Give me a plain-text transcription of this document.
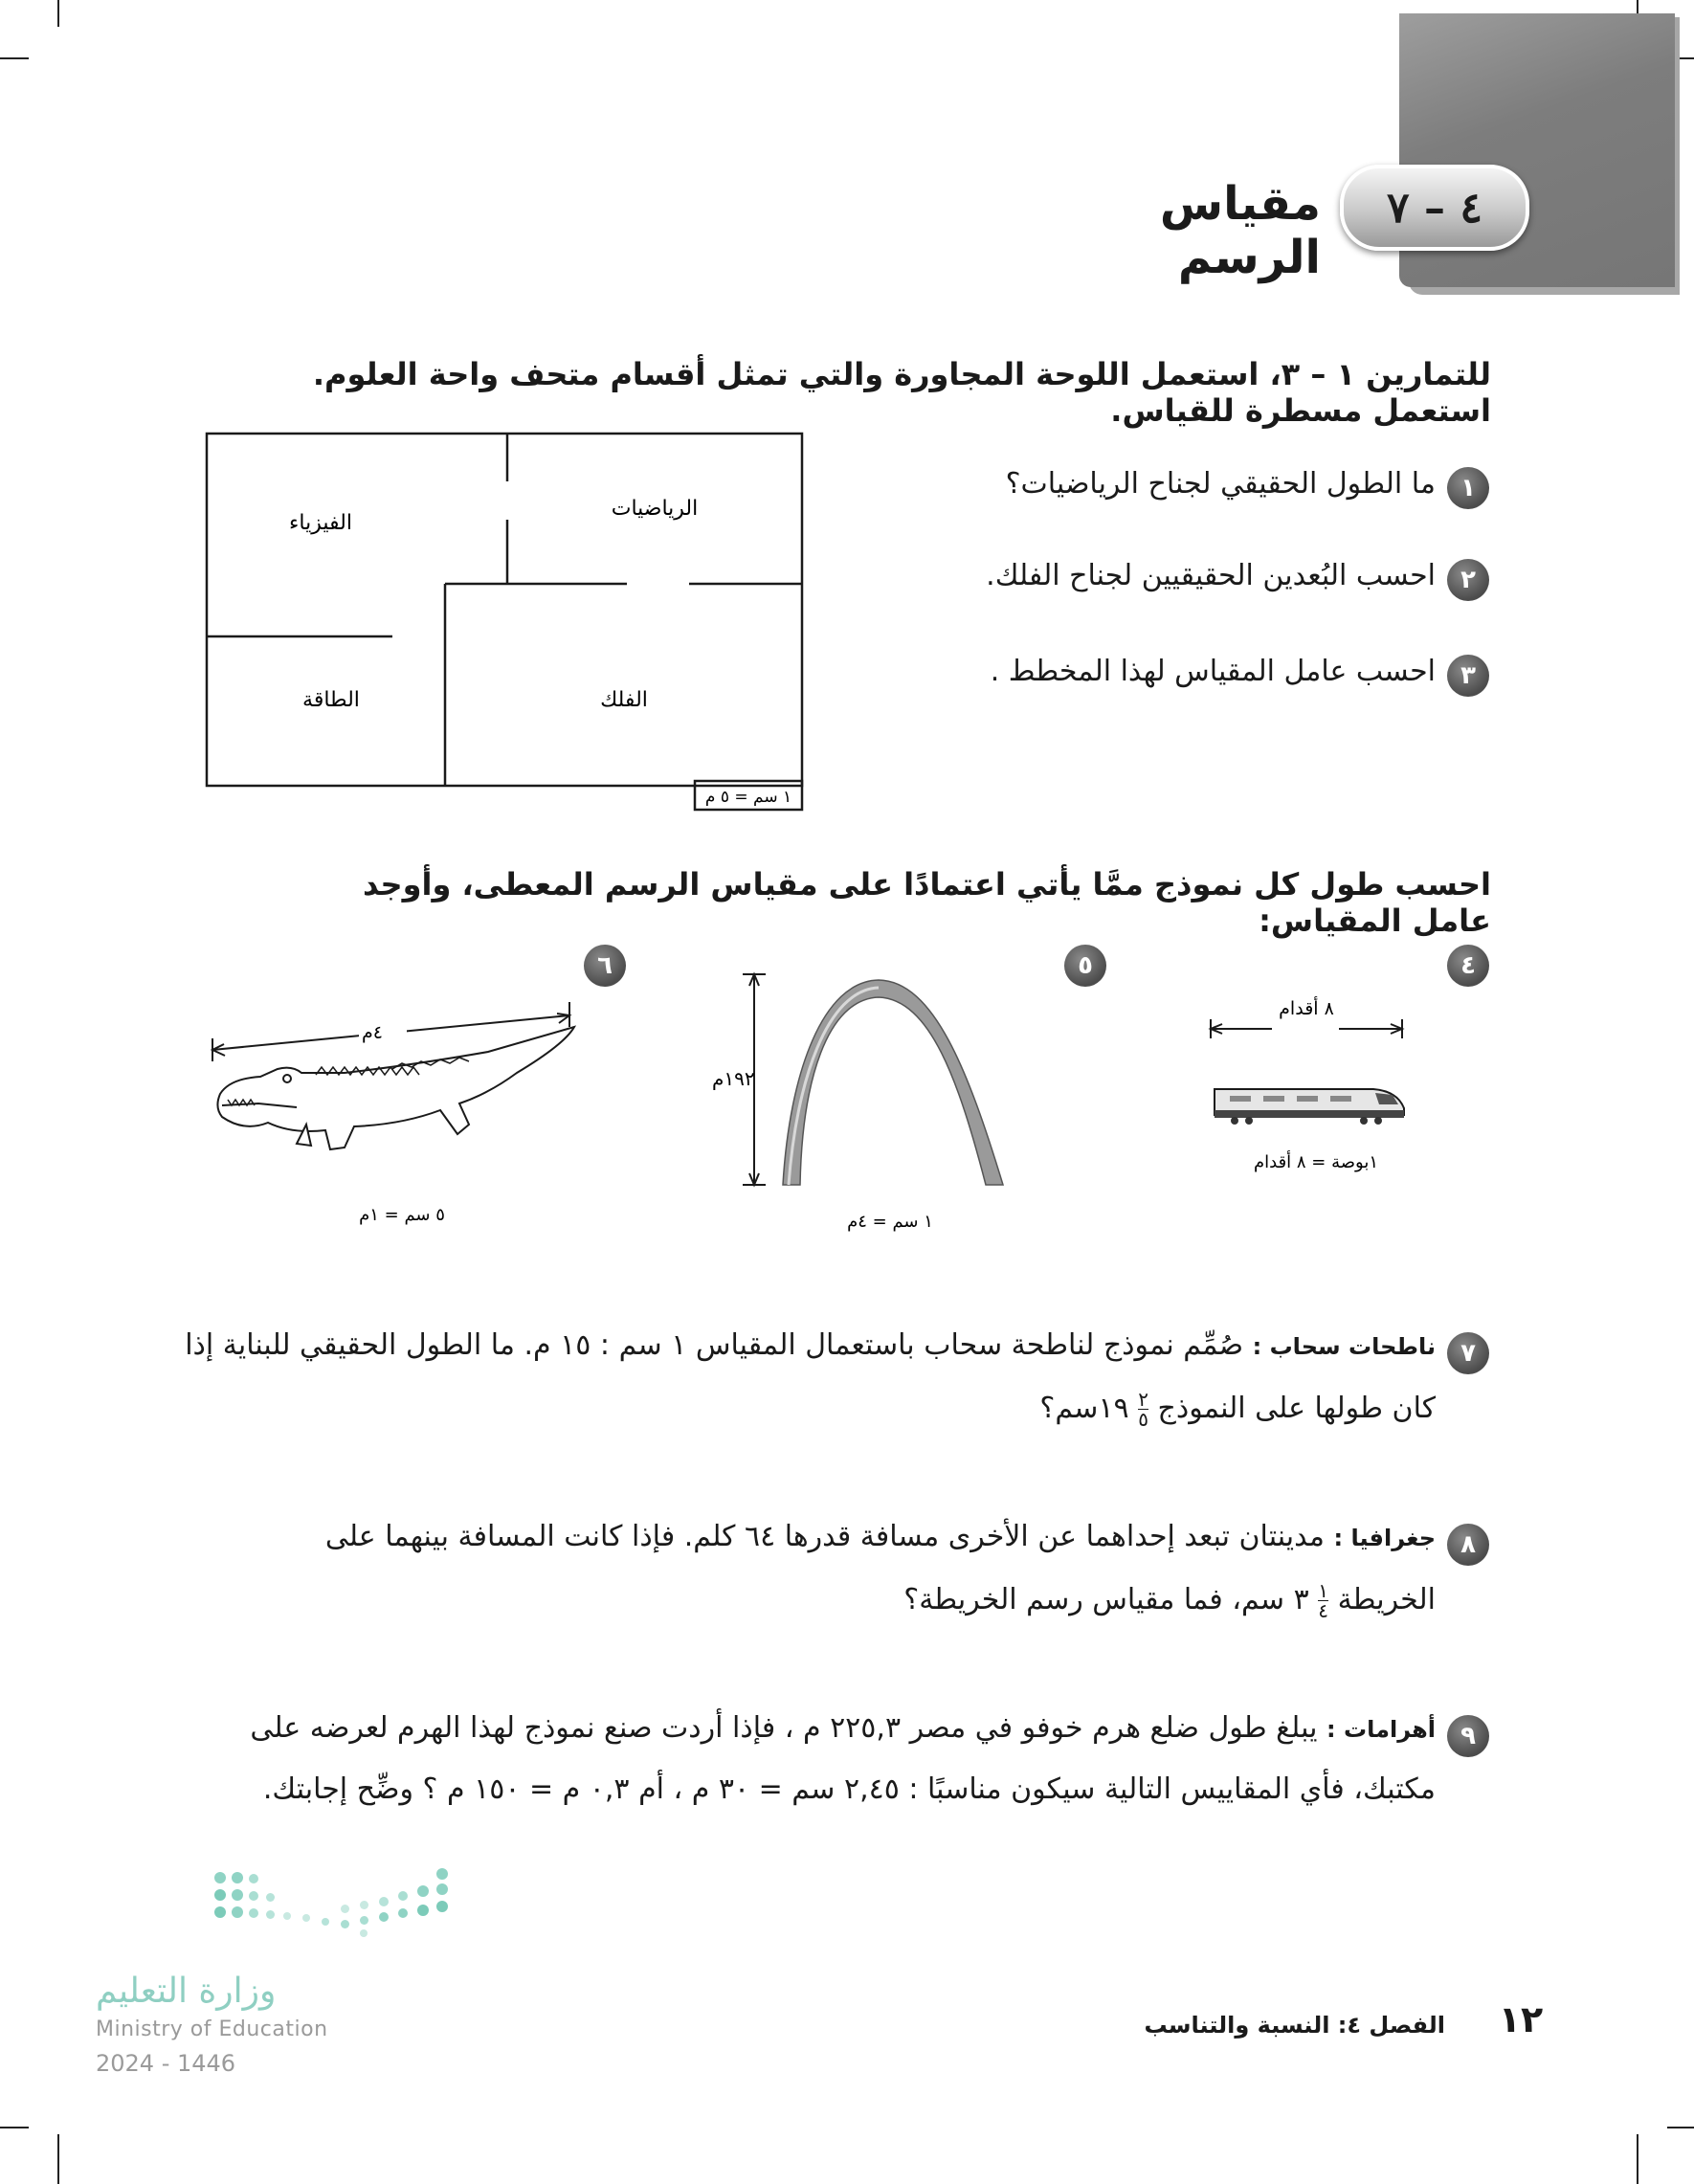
٤ – ٧
مقياس الرسم
للتمارين ١ – ٣، استعمل اللوحة المجاورة والتي تمثل أقسام متحف واحة العلوم. استعمل مسطرة للقياس.
الفيزياء
الرياضيات
الطاقة	الفلك
١ سم = ٥ م
١
ما الطول الحقيقي لجناح الرياضيات؟
٢
احسب البُعدين الحقيقيين لجناح الفلك.
٣
احسب عامل المقياس لهذا المخطط .
احسب طول كل نموذج ممَّا يأتي اعتمادًا على مقياس الرسم المعطى، وأوجد عامل المقياس:
٤
٥
٦
٨ أقدام
١بوصة = ٨ أقدام
١٩٢م
١ سم = ٤م
٤م
٥ سم = ١م
٧
ناطحات سحاب : صُمِّم نموذج لناطحة سحاب باستعمال المقياس ١ سم : ١٥ م. ما الطول الحقيقي للبناية إذا
كان طولها على النموذج
٢
٥
١٩سم؟
٨
جغرافيا : مدينتان تبعد إحداهما عن الأخرى مسافة قدرها ٦٤ كلم. فإذا كانت المسافة بينهما على
الخريطة
١
٤
٣ سم، فما مقياس رسم الخريطة؟
٩
أهرامات : يبلغ طول ضلع هرم خوفو في مصر ٢٢٥,٣ م ، فإذا أردت صنع نموذج لهذا الهرم لعرضه على
مكتبك، فأي المقاييس التالية سيكون مناسبًا : ٢,٤٥ سم = ٣٠ م ، أم ٠,٣ م = ١٥٠ م ؟ وضِّح إجابتك.
وزارة التعليم
Ministry of Education
2024 - 1446
الفصل ٤: النسبة والتناسب	١٢
